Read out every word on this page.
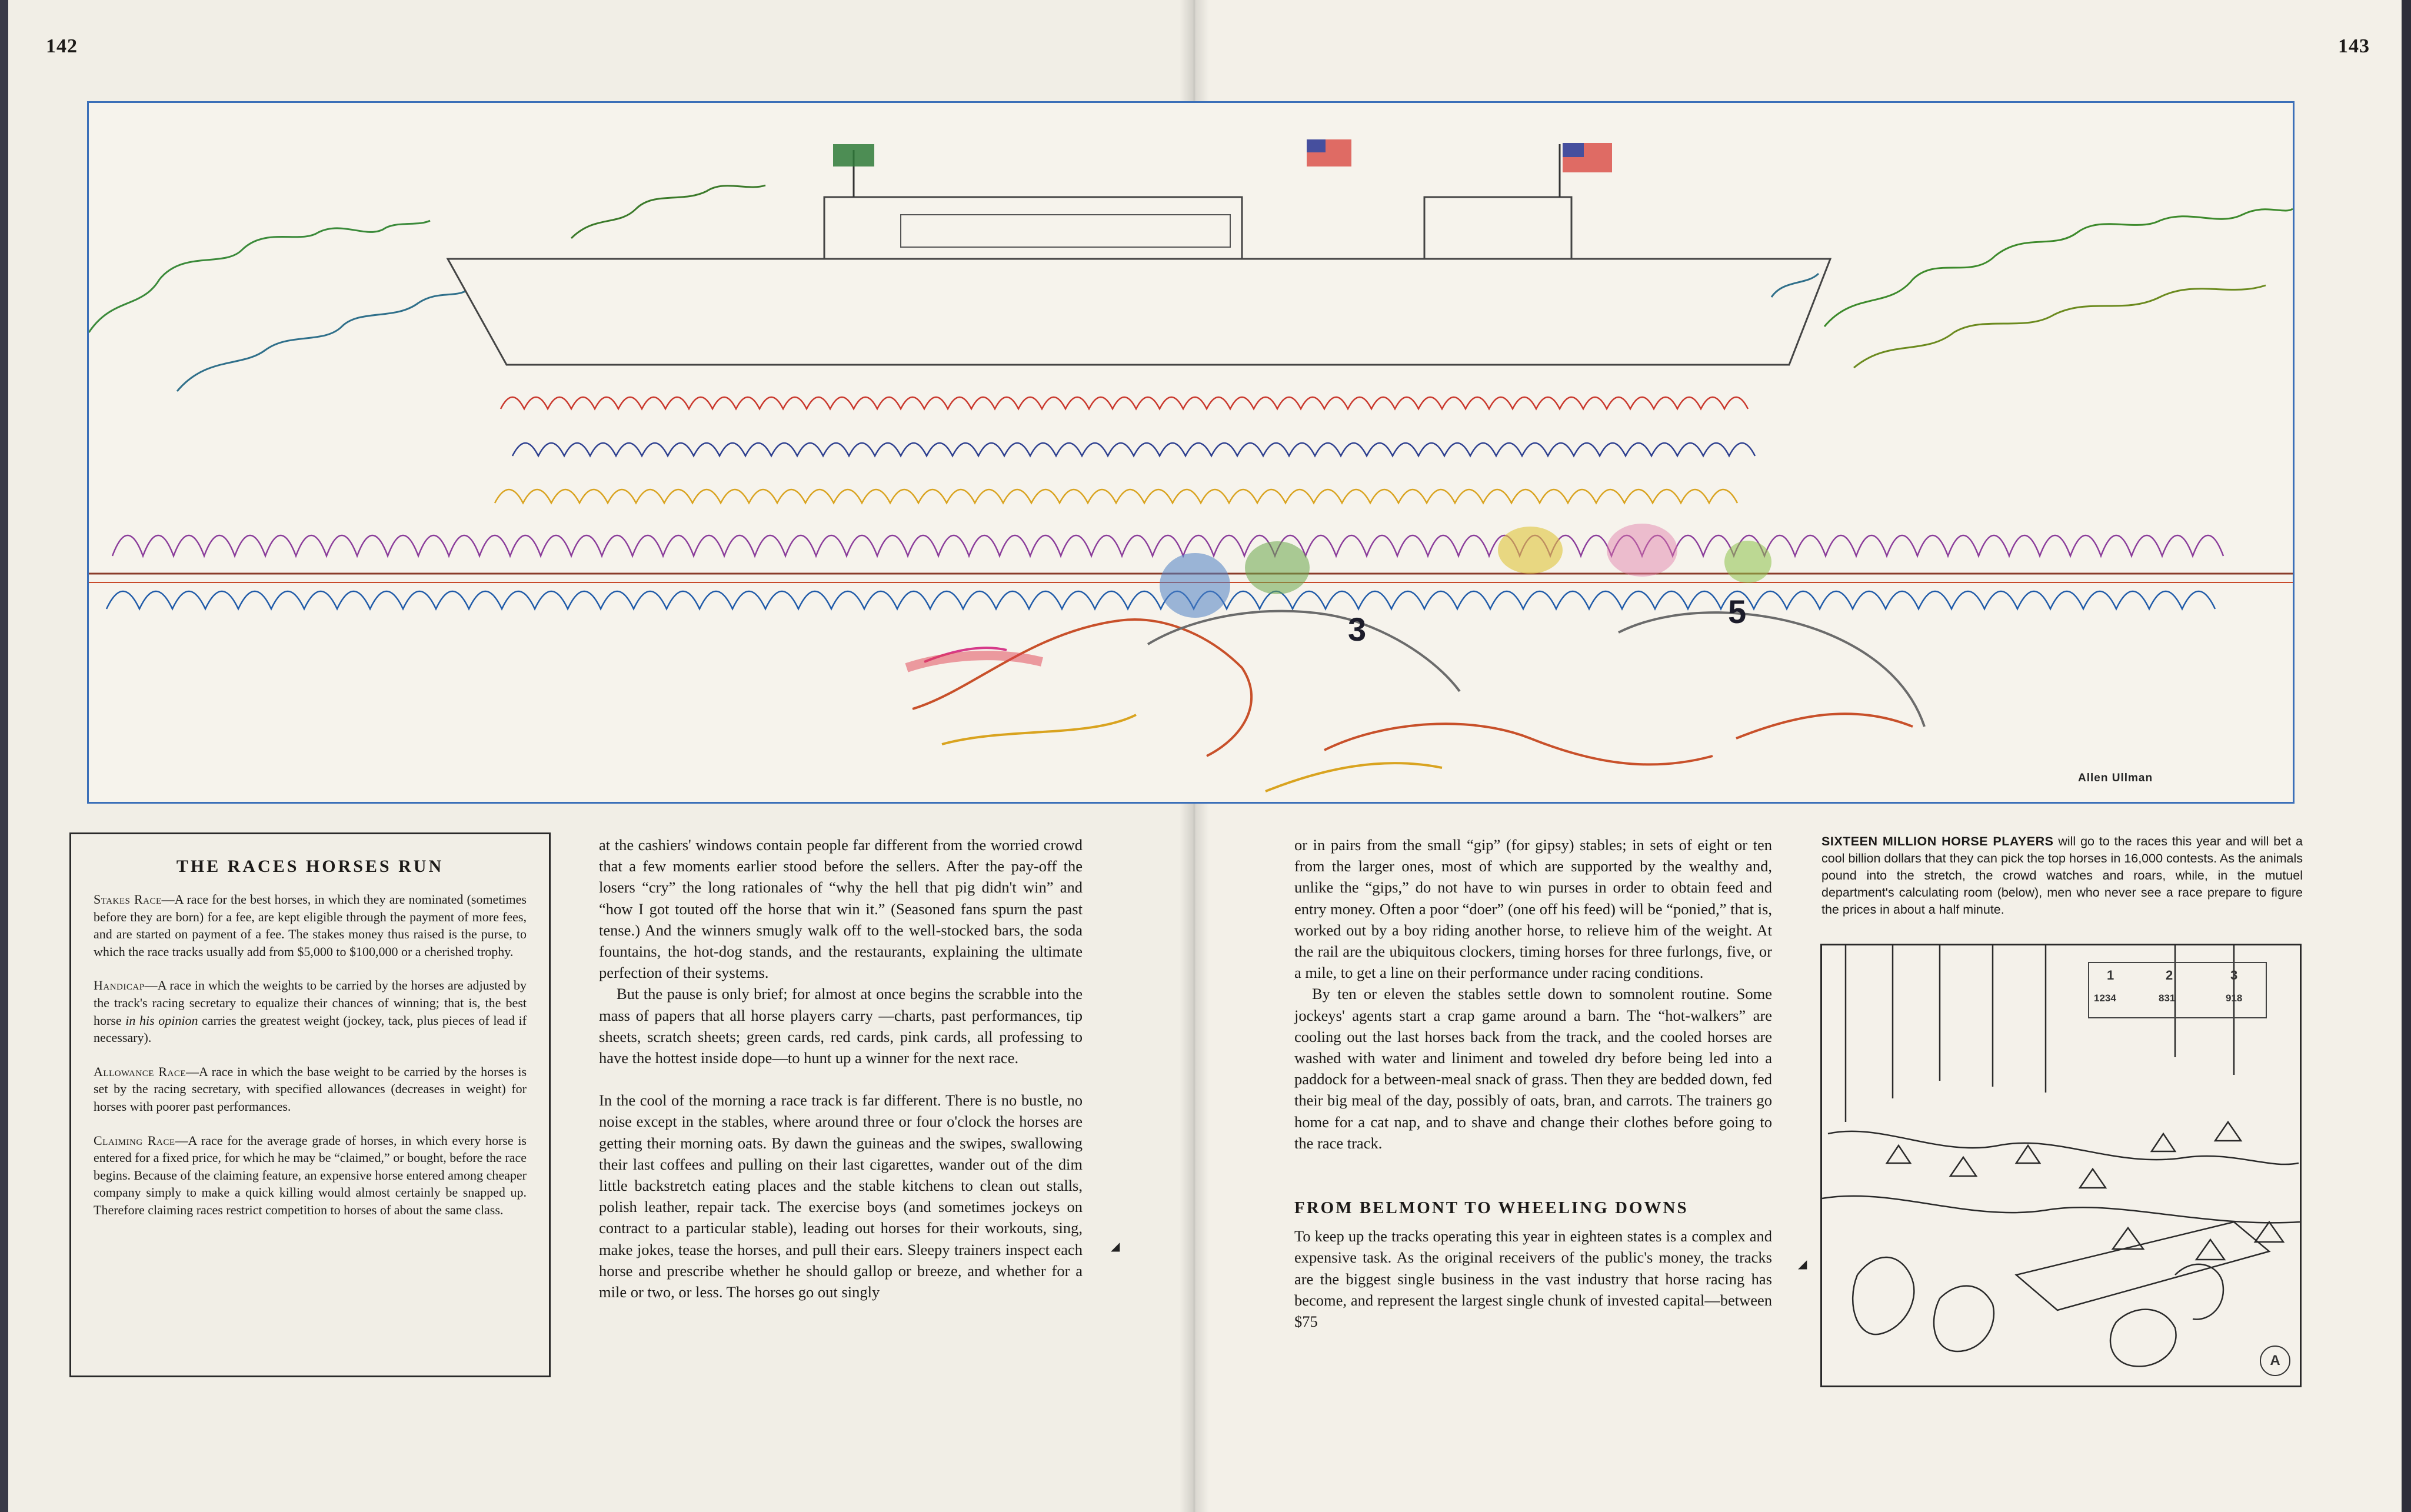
142	143
3	5
Allen Ullman
THE RACES HORSES RUN

Stakes Race—A race for the best horses, in which they are nominated (sometimes before they are born) for a fee, are kept eligible through the payment of more fees, and are started on payment of a fee. The stakes money thus raised is the purse, to which the race tracks usually add from $5,000 to $100,000 or a cherished trophy.

Handicap—A race in which the weights to be carried by the horses are adjusted by the track's racing secretary to equalize their chances of winning; that is, the best horse in his opinion carries the greatest weight (jockey, tack, plus pieces of lead if necessary).

Allowance Race—A race in which the base weight to be carried by the horses is set by the racing secretary, with specified allowances (decreases in weight) for horses with poorer past performances.

Claiming Race—A race for the average grade of horses, in which every horse is entered for a fixed price, for which he may be “claimed,” or bought, before the race begins. Because of the claiming feature, an expensive horse entered among cheaper company simply to make a quick killing would almost certainly be snapped up. Therefore claiming races restrict competition to horses of about the same class.

at the cashiers' windows contain people far different from the worried crowd that a few moments earlier stood before the sellers. After the pay-off the losers “cry” the long rationales of “why the hell that pig didn't win” and “how I got touted off the horse that win it.” (Seasoned fans spurn the past tense.) And the winners smugly walk off to the well-stocked bars, the soda fountains, the hot-dog stands, and the restaurants, explaining the ultimate perfection of their systems.

But the pause is only brief; for almost at once begins the scrabble into the mass of papers that all horse players carry —charts, past performances, tip sheets, scratch sheets; green cards, red cards, pink cards, all professing to have the hottest inside dope—to hunt up a winner for the next race.

In the cool of the morning a race track is far different. There is no bustle, no noise except in the stables, where around three or four o'clock the horses are getting their morning oats. By dawn the guineas and the swipes, swallowing their last coffees and pulling on their last cigarettes, wander out of the dim little backstretch eating places and the stable kitchens to clean out stalls, polish leather, repair tack. The exercise boys (and sometimes jockeys on contract to a particular stable), leading out horses for their workouts, sing, make jokes, tease the horses, and pull their ears. Sleepy trainers inspect each horse and prescribe whether he should gallop or breeze, and whether for a mile or two, or less. The horses go out singly

or in pairs from the small “gip” (for gipsy) stables; in sets of eight or ten from the larger ones, most of which are supported by the wealthy and, unlike the “gips,” do not have to win purses in order to obtain feed and entry money. Often a poor “doer” (one off his feed) will be “ponied,” that is, worked out by a boy riding another horse, to relieve him of the weight. At the rail are the ubiquitous clockers, timing horses for three furlongs, five, or a mile, to get a line on their performance under racing conditions.

By ten or eleven the stables settle down to somnolent routine. Some jockeys' agents start a crap game around a barn. The “hot-walkers” are cooling out the last horses back from the track, and the cooled horses are washed with water and liniment and toweled dry before being led into a paddock for a between-meal snack of grass. Then they are bedded down, fed their big meal of the day, possibly of oats, bran, and carrots. The trainers go home for a cat nap, and to shave and change their clothes before going to the race track.

FROM BELMONT TO WHEELING DOWNS

To keep up the tracks operating this year in eighteen states is a complex and expensive task. As the original receivers of the public's money, the tracks are the biggest single business in the vast industry that horse racing has become, and represent the largest single chunk of invested capital—between $75

SIXTEEN MILLION HORSE PLAYERS will go to the races this year and will bet a cool billion dollars that they can pick the top horses in 16,000 contests. As the animals pound into the stretch, the crowd watches and roars, while, in the mutuel department's calculating room (below), men who never see a race prepare to figure the prices in about a half minute.
1	2	3
1234	831	918
A
◢
◢
